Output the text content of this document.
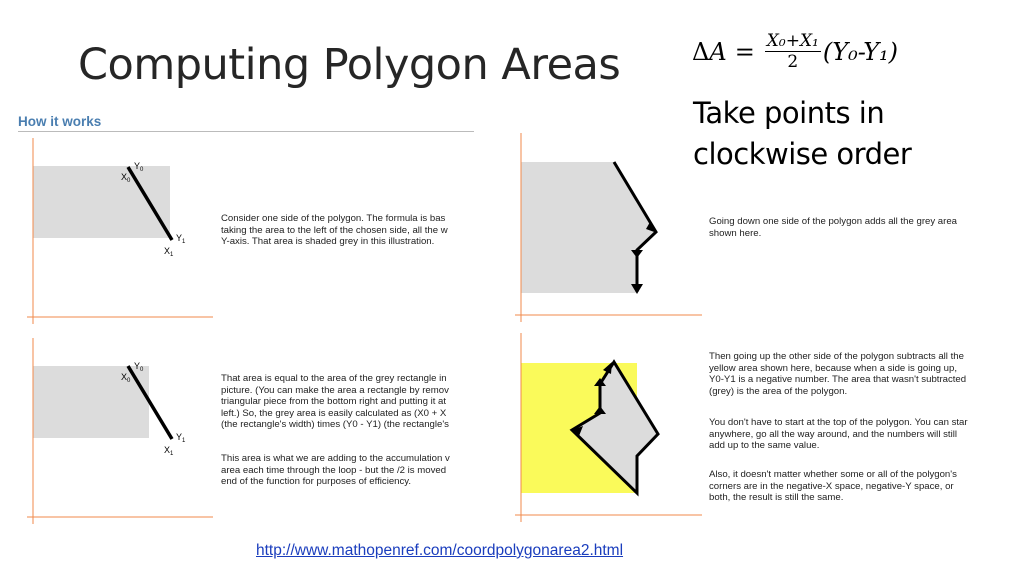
Computing Polygon Areas	Δ $A = \frac{\text{X₀+X₁}}{2} (Y_0-Y_1)$
Take points in
clockwise order
How it works
$Y_0$
$X_0$
$Y_1$
$X_1$
$Y_0$
$X_0$
$Y_1$
$X_1$
Consider one side of the polygon. The formula is bas
taking the area to the left of the chosen side, all the w
Y-axis. That area is shaded grey in this illustration.
That area is equal to the area of the grey rectangle in
picture. (You can make the area a rectangle by remov
triangular piece from the bottom right and putting it at
left.) So, the grey area is easily calculated as (X0 + X
(the rectangle's width) times (Y0 - Y1) (the rectangle's
This area is what we are adding to the accumulation v
area each time through the loop - but the /2 is moved
end of the function for purposes of efficiency.
Going down one side of the polygon adds all the grey area
shown here.
Then going up the other side of the polygon subtracts all the
yellow area shown here, because when a side is going up,
Y0-Y1 is a negative number. The area that wasn't subtracted
(grey) is the area of the polygon.
You don't have to start at the top of the polygon. You can star
anywhere, go all the way around, and the numbers will still
add up to the same value.
Also, it doesn't matter whether some or all of the polygon's
corners are in the negative-X space, negative-Y space, or
both, the result is still the same.
http://www.mathopenref.com/coordpolygonarea2.html
